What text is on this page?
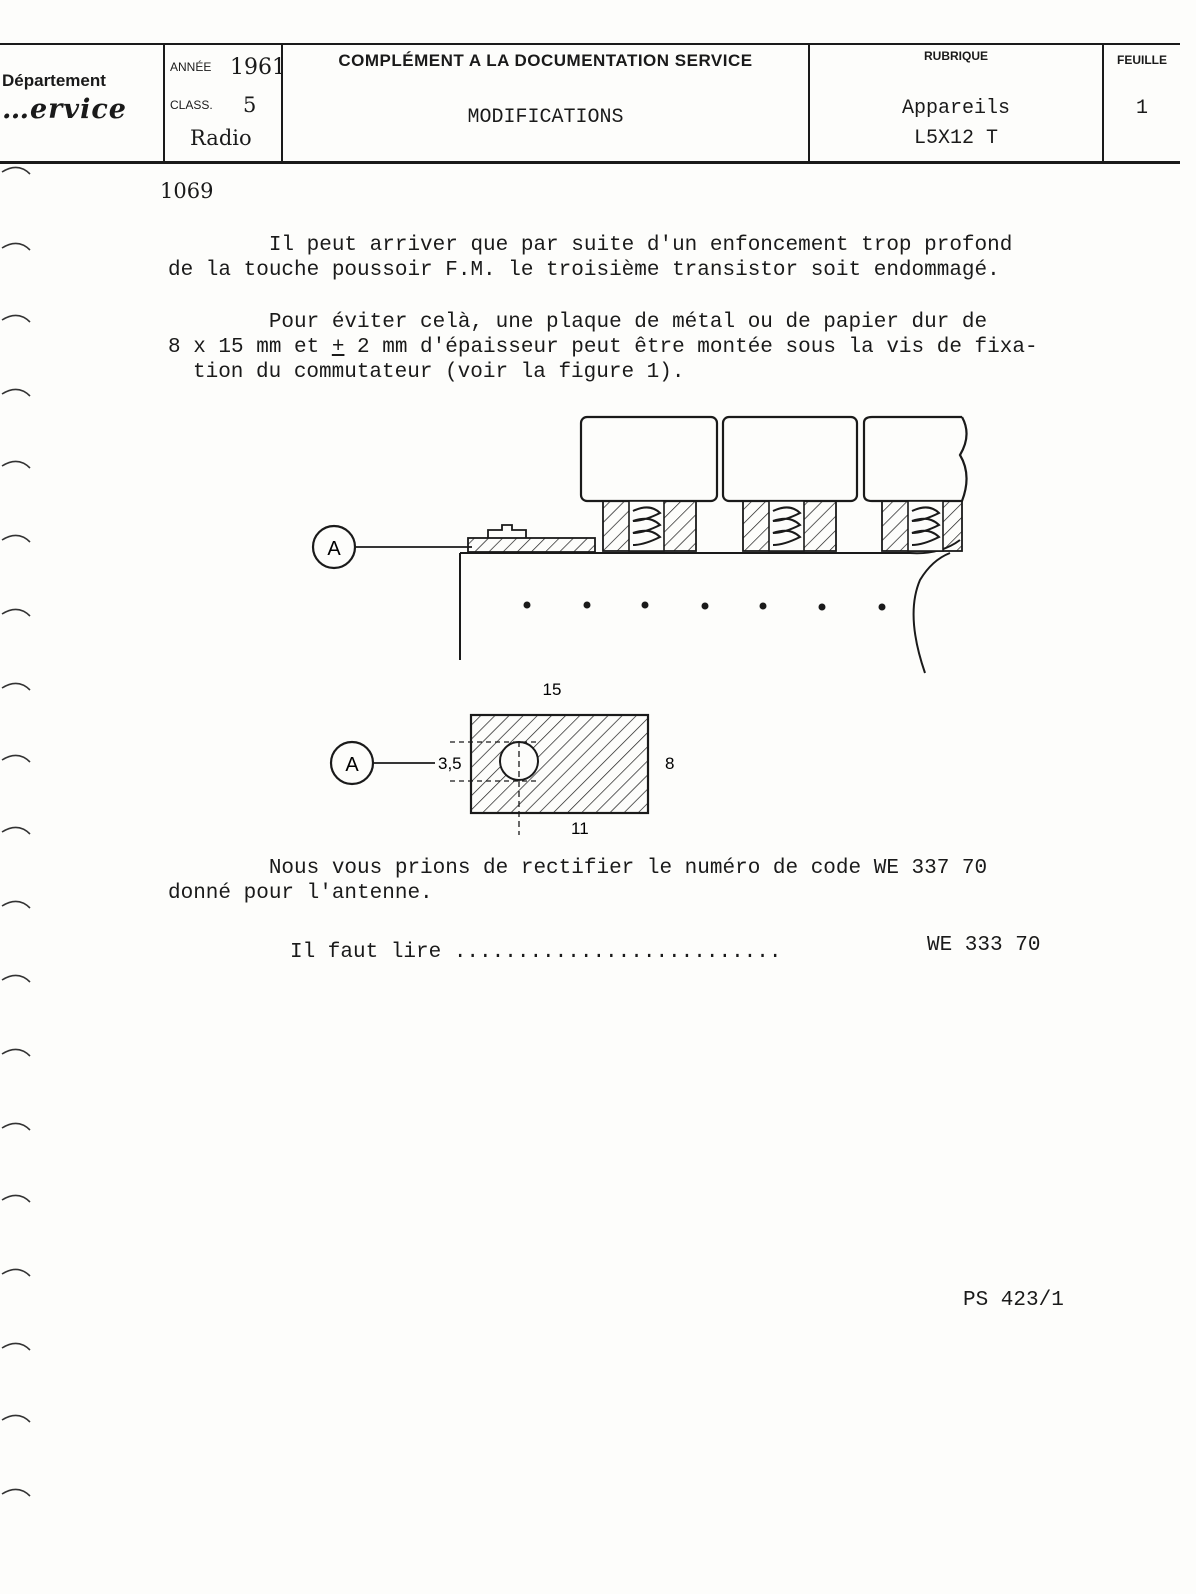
Département
…ervice
ANNÉE 1961
CLASS. 5
Radio
COMPLÉMENT A LA DOCUMENTATION SERVICE
MODIFICATIONS
RUBRIQUE
Appareils
L5X12 T
FEUILLE
1
1069
Il peut arriver que par suite d'un enfoncement trop profond
de la touche poussoir F.M. le troisième transistor soit endommagé.
Pour éviter celà, une plaque de métal ou de papier dur de
8 x 15 mm et + 2 mm d'épaisseur peut être montée sous la vis de fixa-
tion du commutateur (voir la figure 1).
A
15
8
3,5
11
A
Nous vous prions de rectifier le numéro de code WE 337 70
donné pour l'antenne.
Il faut lire ..........................	WE 333 70
PS 423/1
